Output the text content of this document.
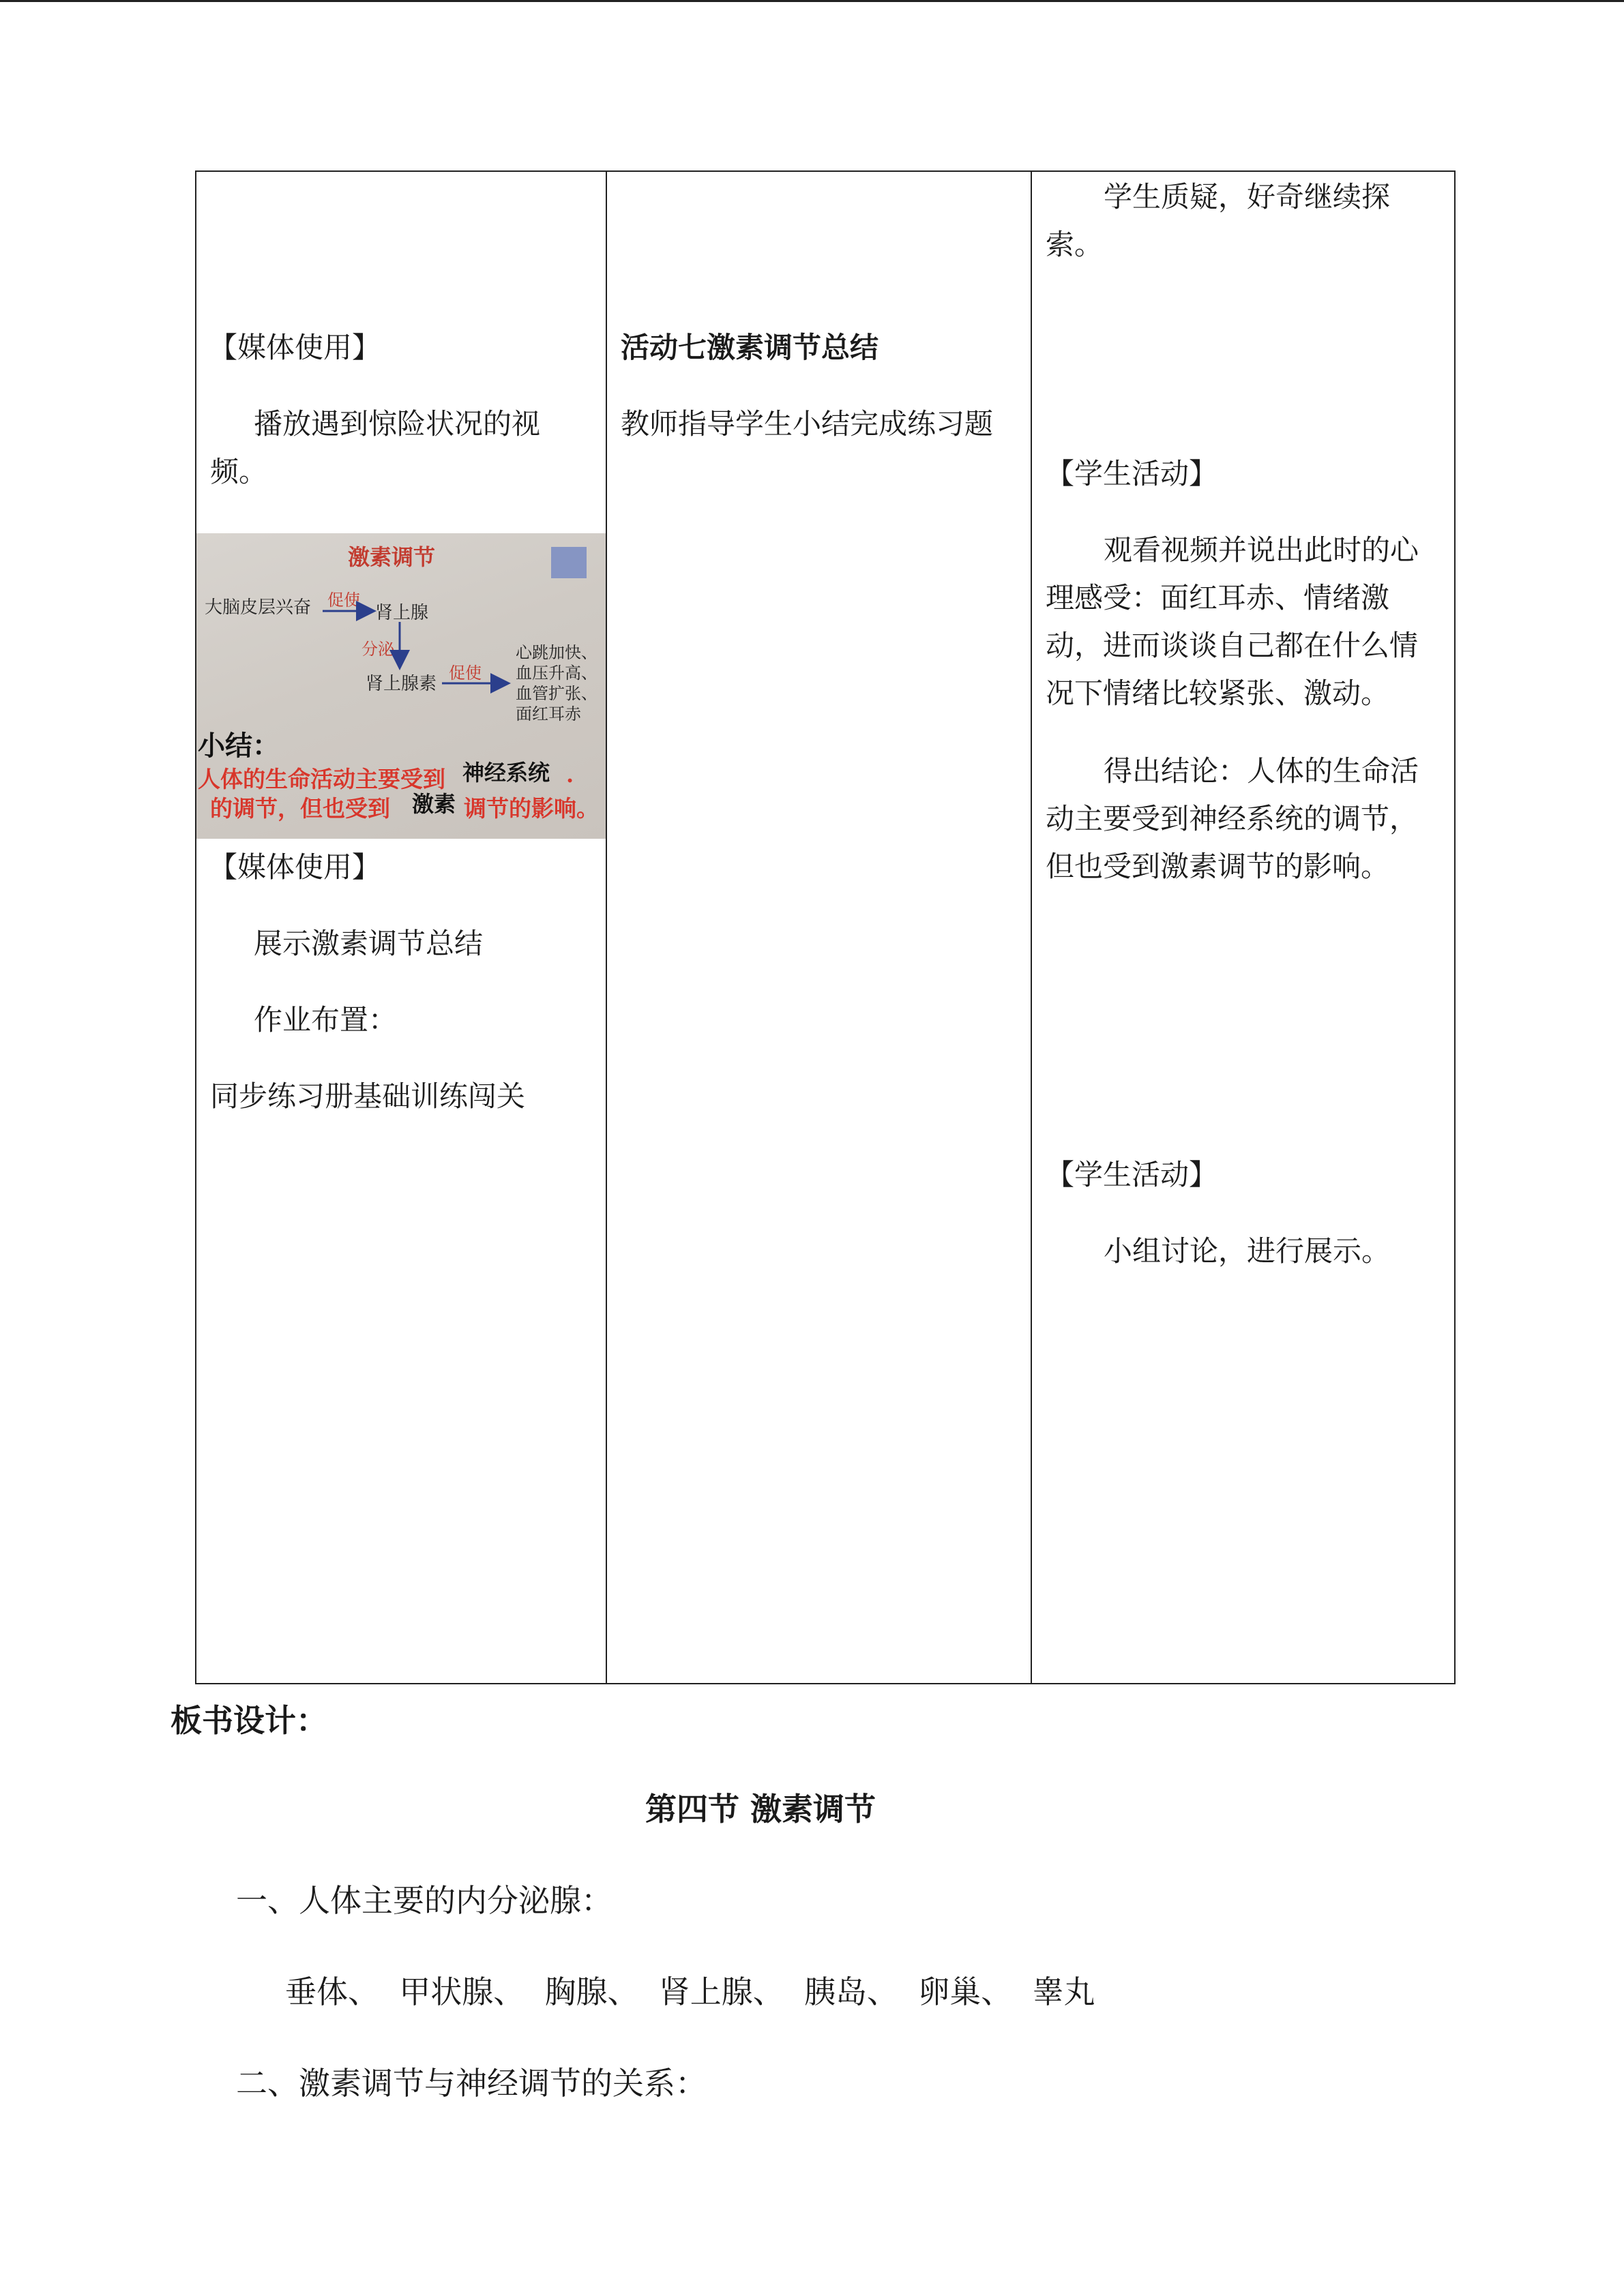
【媒体使用】
播放遇到惊险状况的视
频。
激素调节
大脑皮层兴奋 促使
肾上腺
分泌
肾上腺素
促使
心跳加快、
血压升高、
血管扩张、
面红耳赤
小结：
人体的生命活动主要受到 神经系统 .
的调节，但也受到 激素 调节的影响。
【媒体使用】
展示激素调节总结
作业布置：
同步练习册基础训练闯关
活动七激素调节总结
教师指导学生小结完成练习题
学生质疑，好奇继续探
索。
【学生活动】
观看视频并说出此时的心
理感受：面红耳赤、情绪激
动，进而谈谈自己都在什么情
况下情绪比较紧张、激动。
得出结论：人体的生命活
动主要受到神经系统的调节，
但也受到激素调节的影响。
【学生活动】
小组讨论，进行展示。
板书设计：
第四节 激素调节
一、人体主要的内分泌腺：
垂体、  甲状腺、  胸腺、  肾上腺、  胰岛、  卵巢、  睾丸
二、激素调节与神经调节的关系：
